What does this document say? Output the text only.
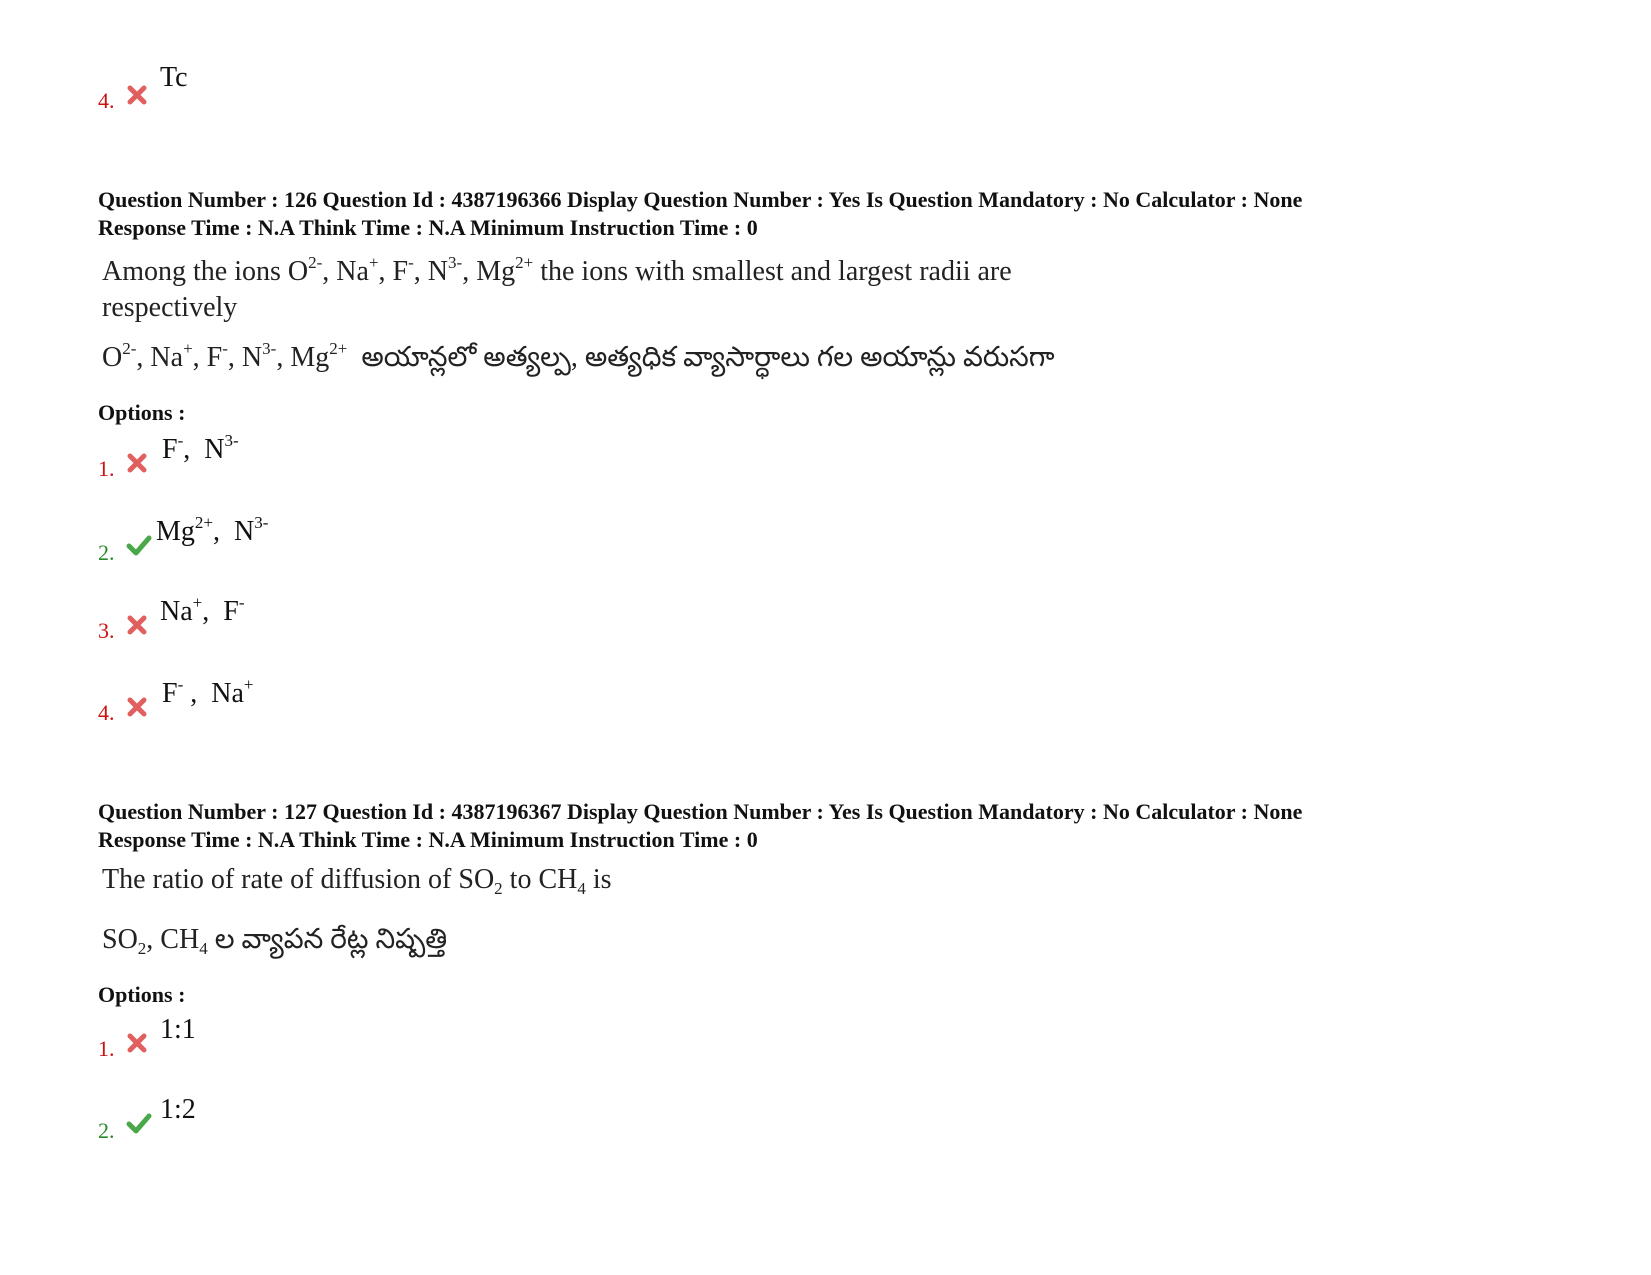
4.
Tc
Question Number : 126 Question Id : 4387196366 Display Question Number : Yes Is Question Mandatory : No Calculator : None
Response Time : N.A Think Time : N.A Minimum Instruction Time : 0
Among the ions $O^{2-}$, Na+, F-, $N^{3-}$, $Mg^{2+}$ the ions with smallest and largest radii are
respectively
$O^{2-}$, Na+, F-, $N^{3-}$, $Mg^{2+}$ అయాన్లలో అత్యల్ప, అత్యధిక వ్యాసార్ధాలు గల అయాన్లు వరుసగా
Options :
1.
F-,  $N^{3-}$
2.
$Mg^{2+}$,  $N^{3-}$
3.
Na+,  F-
4.
F- ,  Na+
Question Number : 127 Question Id : 4387196367 Display Question Number : Yes Is Question Mandatory : No Calculator : None
Response Time : N.A Think Time : N.A Minimum Instruction Time : 0
The ratio of rate of diffusion of $SO_2$ to $CH_4$ is
$SO_2$, $CH_4$ ల వ్యాపన రేట్ల నిష్పత్తి
Options :
1.
1:1
2.
1:2
